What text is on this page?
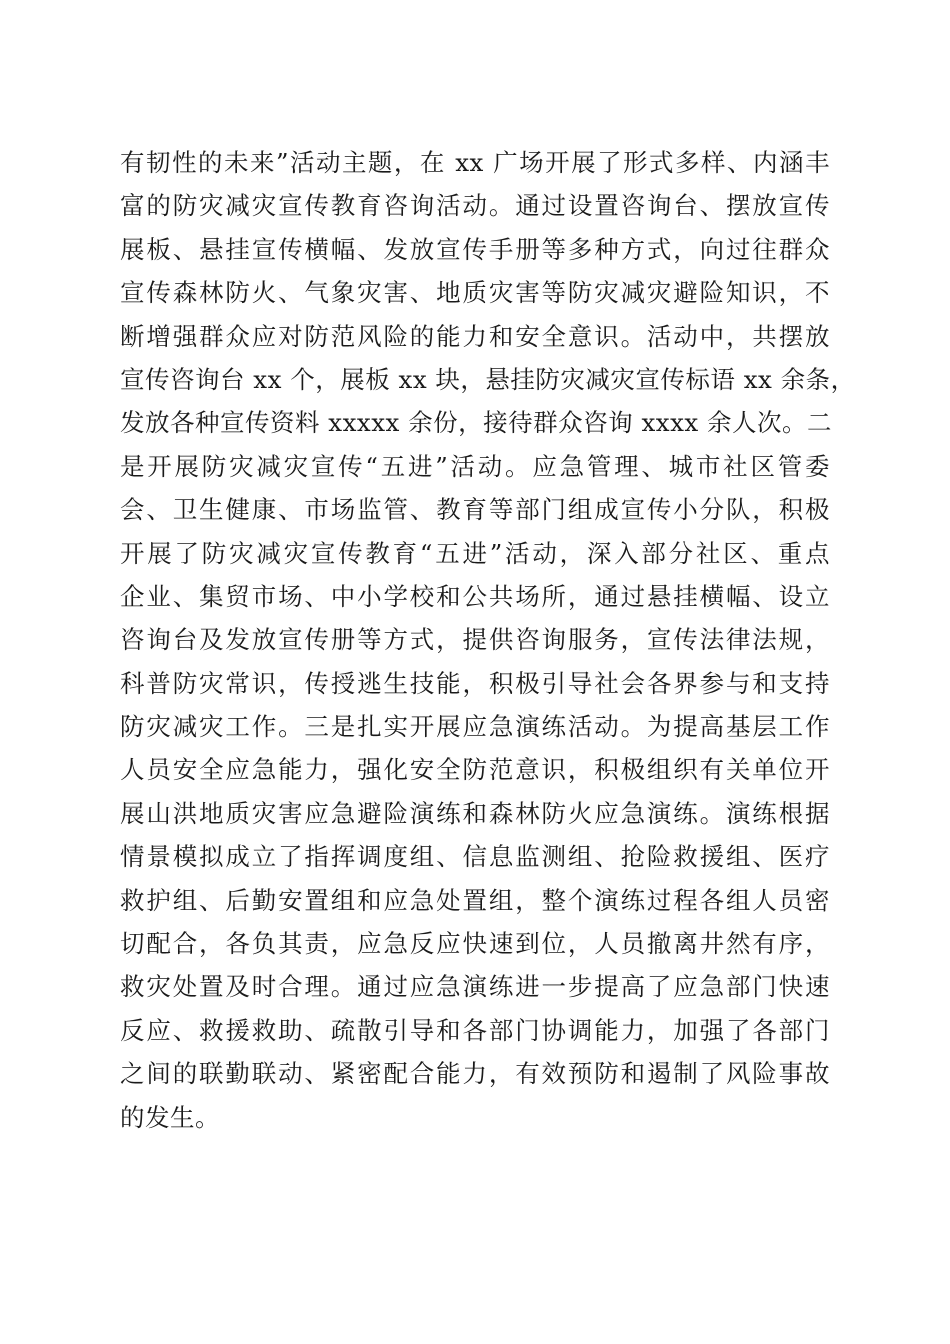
有韧性的未来”活动主题，在 xx 广场开展了形式多样、内涵丰
富的防灾减灾宣传教育咨询活动。通过设置咨询台、摆放宣传
展板、悬挂宣传横幅、发放宣传手册等多种方式，向过往群众
宣传森林防火、气象灾害、地质灾害等防灾减灾避险知识，不
断增强群众应对防范风险的能力和安全意识。活动中，共摆放
宣传咨询台 xx 个，展板 xx 块，悬挂防灾减灾宣传标语 xx 余条，
发放各种宣传资料 xxxxx 余份，接待群众咨询 xxxx 余人次。二
是开展防灾减灾宣传“五进”活动。应急管理、城市社区管委
会、卫生健康、市场监管、教育等部门组成宣传小分队，积极
开展了防灾减灾宣传教育“五进”活动，深入部分社区、重点
企业、集贸市场、中小学校和公共场所，通过悬挂横幅、设立
咨询台及发放宣传册等方式，提供咨询服务，宣传法律法规，
科普防灾常识，传授逃生技能，积极引导社会各界参与和支持
防灾减灾工作。三是扎实开展应急演练活动。为提高基层工作
人员安全应急能力，强化安全防范意识，积极组织有关单位开
展山洪地质灾害应急避险演练和森林防火应急演练。演练根据
情景模拟成立了指挥调度组、信息监测组、抢险救援组、医疗
救护组、后勤安置组和应急处置组，整个演练过程各组人员密
切配合，各负其责，应急反应快速到位，人员撤离井然有序，
救灾处置及时合理。通过应急演练进一步提高了应急部门快速
反应、救援救助、疏散引导和各部门协调能力，加强了各部门
之间的联勤联动、紧密配合能力，有效预防和遏制了风险事故
的发生。
